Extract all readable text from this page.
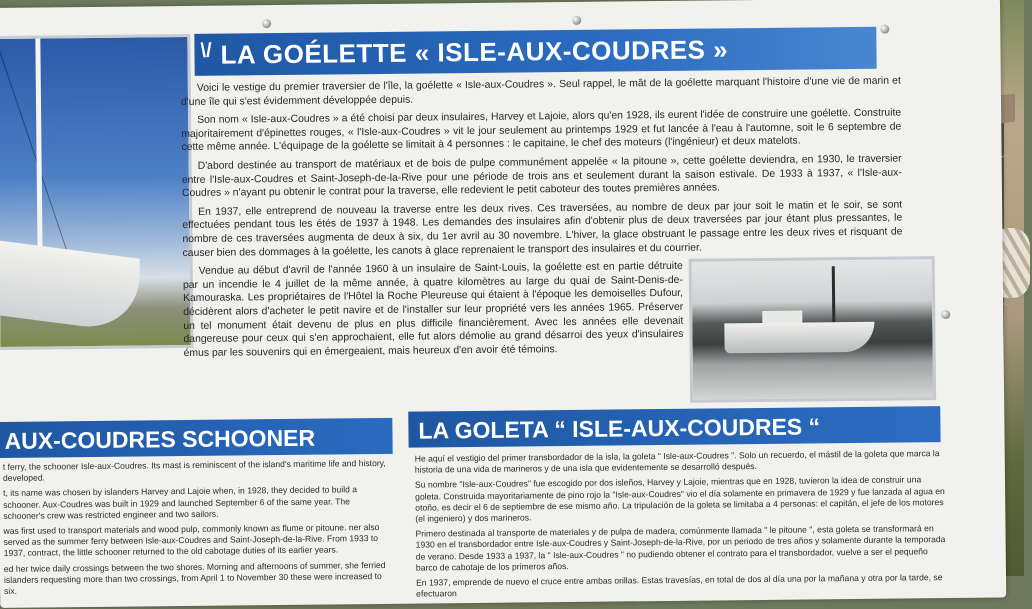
\/ LA GOÉLETTE « ISLE-AUX-COUDRES »

Voici le vestige du premier traversier de l'île, la goélette « Isle-aux-Coudres ». Seul rappel, le mât de la goélette marquant l'histoire d'une vie de marin et d'une île qui s'est évidemment développée depuis.

Son nom « Isle-aux-Coudres » a été choisi par deux insulaires, Harvey et Lajoie, alors qu'en 1928, ils eurent l'idée de construire une goélette. Construite majoritairement d'épinettes rouges, « l'Isle-aux-Coudres » vit le jour seulement au printemps 1929 et fut lancée à l'eau à l'automne, soit le 6 septembre de cette même année. L'équipage de la goélette se limitait à 4 personnes : le capitaine, le chef des moteurs (l'ingénieur) et deux matelots.

D'abord destinée au transport de matériaux et de bois de pulpe communément appelée « la pitoune », cette goélette deviendra, en 1930, le traversier entre l'Isle-aux-Coudres et Saint-Joseph-de-la-Rive pour une période de trois ans et seulement durant la saison estivale. De 1933 à 1937, « l'Isle-aux-Coudres » n'ayant pu obtenir le contrat pour la traverse, elle redevient le petit caboteur des toutes premières années.

En 1937, elle entreprend de nouveau la traverse entre les deux rives. Ces traversées, au nombre de deux par jour soit le matin et le soir, se sont effectuées pendant tous les étés de 1937 à 1948. Les demandes des insulaires afin d'obtenir plus de deux traversées par jour étant plus pressantes, le nombre de ces traversées augmenta de deux à six, du 1er avril au 30 novembre. L'hiver, la glace obstruant le passage entre les deux rives et risquant de causer bien des dommages à la goélette, les canots à glace reprenaient le transport des insulaires et du courrier.

Vendue au début d'avril de l'année 1960 à un insulaire de Saint-Louis, la goélette est en partie détruite par un incendie le 4 juillet de la même année, à quatre kilomètres au large du quai de Saint-Denis-de-Kamouraska. Les propriétaires de l'Hôtel la Roche Pleureuse qui étaient à l'époque les demoiselles Dufour, décidèrent alors d'acheter le petit navire et de l'installer sur leur propriété vers les années 1965. Préserver un tel monument était devenu de plus en plus difficile financièrement. Avec les années elle devenait dangereuse pour ceux qui s'en approchaient, elle fut alors démolie au grand désarroi des yeux d'insulaires émus par les souvenirs qui en émergeaient, mais heureux d'en avoir été témoins.

AUX-COUDRES SCHOONER

t ferry, the schooner Isle-aux-Coudres. Its mast is reminiscent of the island's maritime life and history, developed.

t, its name was chosen by islanders Harvey and Lajoie when, in 1928, they decided to build a schooner. Aux-Coudres was built in 1929 and launched September 6 of the same year. The schooner's crew was restricted engineer and two sailors.

was first used to transport materials and wood pulp, commonly known as flume or pitoune. ner also served as the summer ferry between Isle-aux-Coudres and Saint-Joseph-de-la-Rive. From 1933 to 1937, contract, the little schooner returned to the old cabotage duties of its earlier years.

ed her twice daily crossings between the two shores. Morning and afternoons of summer, she ferried islanders requesting more than two crossings, from April 1 to November 30 these were increased to six.

LA GOLETA “ ISLE-AUX-COUDRES “

He aquí el vestigio del primer transbordador de la isla, la goleta " Isle-aux-Coudres ". Solo un recuerdo, el mástil de la goleta que marca la historia de una vida de marineros y de una isla que evidentemente se desarrolló después.

Su nombre "Isle-aux-Coudres" fue escogido por dos isleños, Harvey y Lajoie, mientras que en 1928, tuvieron la idea de construir una goleta. Construida mayoritariamente de pino rojo la "Isle-aux-Coudres" vio el día solamente en primavera de 1929 y fue lanzada al agua en otoño, es decir el 6 de septiembre de ese mismo año. La tripulación de la goleta se limitaba a 4 personas: el capitán, el jefe de los motores (el ingeniero) y dos marineros.

Primero destinada al transporte de materiales y de pulpa de madera, comúnmente llamada " le pitoune ", esta goleta se transformará en 1930 en el transbordador entre Isle-aux-Coudres y Saint-Joseph-de-la-Rive, por un periodo de tres años y solamente durante la temporada de verano. Desde 1933 a 1937, la " Isle-aux-Coudres " no pudiendo obtener el contrato para el transbordador, vuelve a ser el pequeño barco de cabotaje de los primeros años.

En 1937, emprende de nuevo el cruce entre ambas orillas. Estas travesías, en total de dos al día una por la mañana y otra por la tarde, se efectuaron
